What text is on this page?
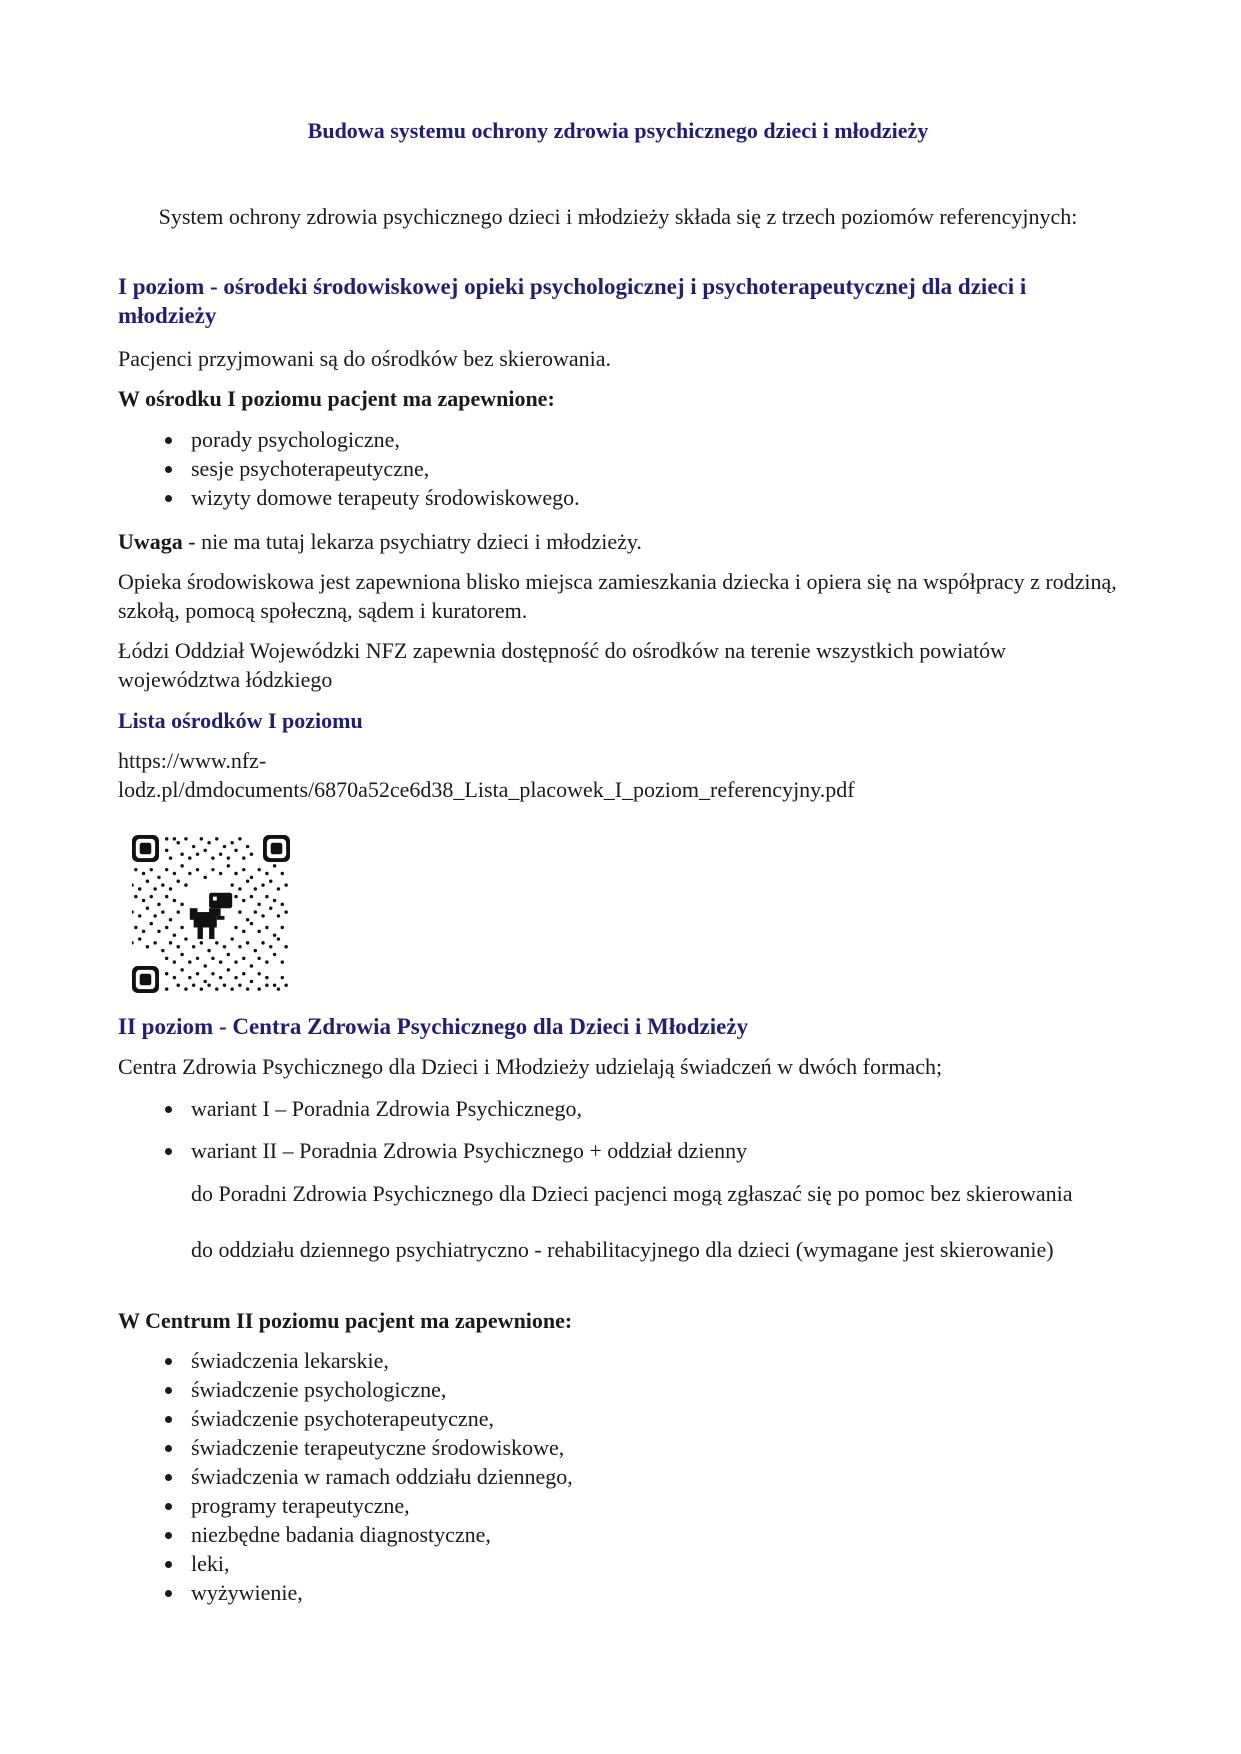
Budowa systemu ochrony zdrowia psychicznego dzieci i młodzieży
System ochrony zdrowia psychicznego dzieci i młodzieży składa się z trzech poziomów referencyjnych:
I poziom - ośrodeki środowiskowej opieki psychologicznej i psychoterapeutycznej dla dzieci i młodzieży

Pacjenci przyjmowani są do ośrodków bez skierowania.

W ośrodku I poziomu pacjent ma zapewnione:

porady psychologiczne,
sesje psychoterapeutyczne,
wizyty domowe terapeuty środowiskowego.

Uwaga - nie ma tutaj lekarza psychiatry dzieci i młodzieży.

Opieka środowiskowa jest zapewniona blisko miejsca zamieszkania dziecka i opiera się na współpracy z rodziną, szkołą, pomocą społeczną, sądem i kuratorem.

Łódzi Oddział Wojewódzki NFZ zapewnia dostępność do ośrodków na terenie wszystkich powiatów województwa łódzkiego

Lista ośrodków I poziomu
https://www.nfz-
lodz.pl/dmdocuments/6870a52ce6d38_Lista_placowek_I_poziom_referencyjny.pdf
II poziom - Centra Zdrowia Psychicznego dla Dzieci i Młodzieży

Centra Zdrowia Psychicznego dla Dzieci i Młodzieży udzielają świadczeń w dwóch formach;

wariant I – Poradnia Zdrowia Psychicznego,
wariant II – Poradnia Zdrowia Psychicznego + oddział dzienny

do Poradni Zdrowia Psychicznego dla Dzieci pacjenci mogą zgłaszać się po pomoc bez skierowania

do oddziału dziennego psychiatryczno - rehabilitacyjnego dla dzieci (wymagane jest skierowanie)

W Centrum II poziomu pacjent ma zapewnione:

świadczenia lekarskie,
świadczenie psychologiczne,
świadczenie psychoterapeutyczne,
świadczenie terapeutyczne środowiskowe,
świadczenia w ramach oddziału dziennego,
programy terapeutyczne,
niezbędne badania diagnostyczne,
leki,
wyżywienie,
